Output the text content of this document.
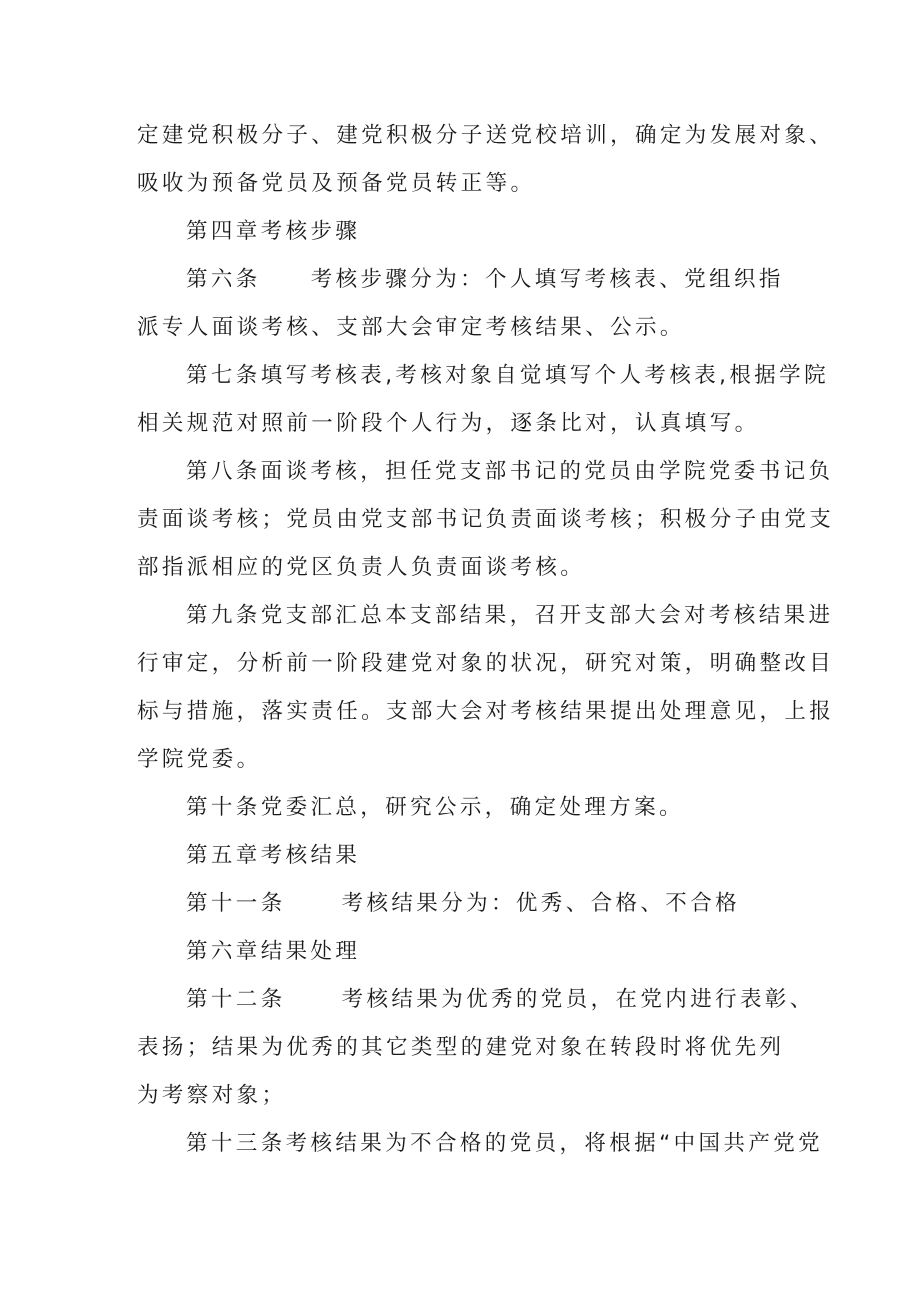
定建党积极分子、建党积极分子送党校培训，确定为发展对象、
吸收为预备党员及预备党员转正等。
第四章考核步骤
第六条 考核步骤分为：个人填写考核表、党组织指
派专人面谈考核、支部大会审定考核结果、公示。
第七条填写考核表,考核对象自觉填写个人考核表,根据学院
相关规范对照前一阶段个人行为，逐条比对，认真填写。
第八条面谈考核，担任党支部书记的党员由学院党委书记负
责面谈考核；党员由党支部书记负责面谈考核；积极分子由党支
部指派相应的党区负责人负责面谈考核。
第九条党支部汇总本支部结果，召开支部大会对考核结果进
行审定，分析前一阶段建党对象的状况，研究对策，明确整改目
标与措施，落实责任。支部大会对考核结果提出处理意见，上报
学院党委。
第十条党委汇总，研究公示，确定处理方案。
第五章考核结果
第十一条	考核结果分为：优秀、合格、不合格
第六章结果处理
第十二条	考核结果为优秀的党员，在党内进行表彰、
表扬；结果为优秀的其它类型的建党对象在转段时将优先列
为考察对象；
第十三条考核结果为不合格的党员，将根据“中国共产党党
